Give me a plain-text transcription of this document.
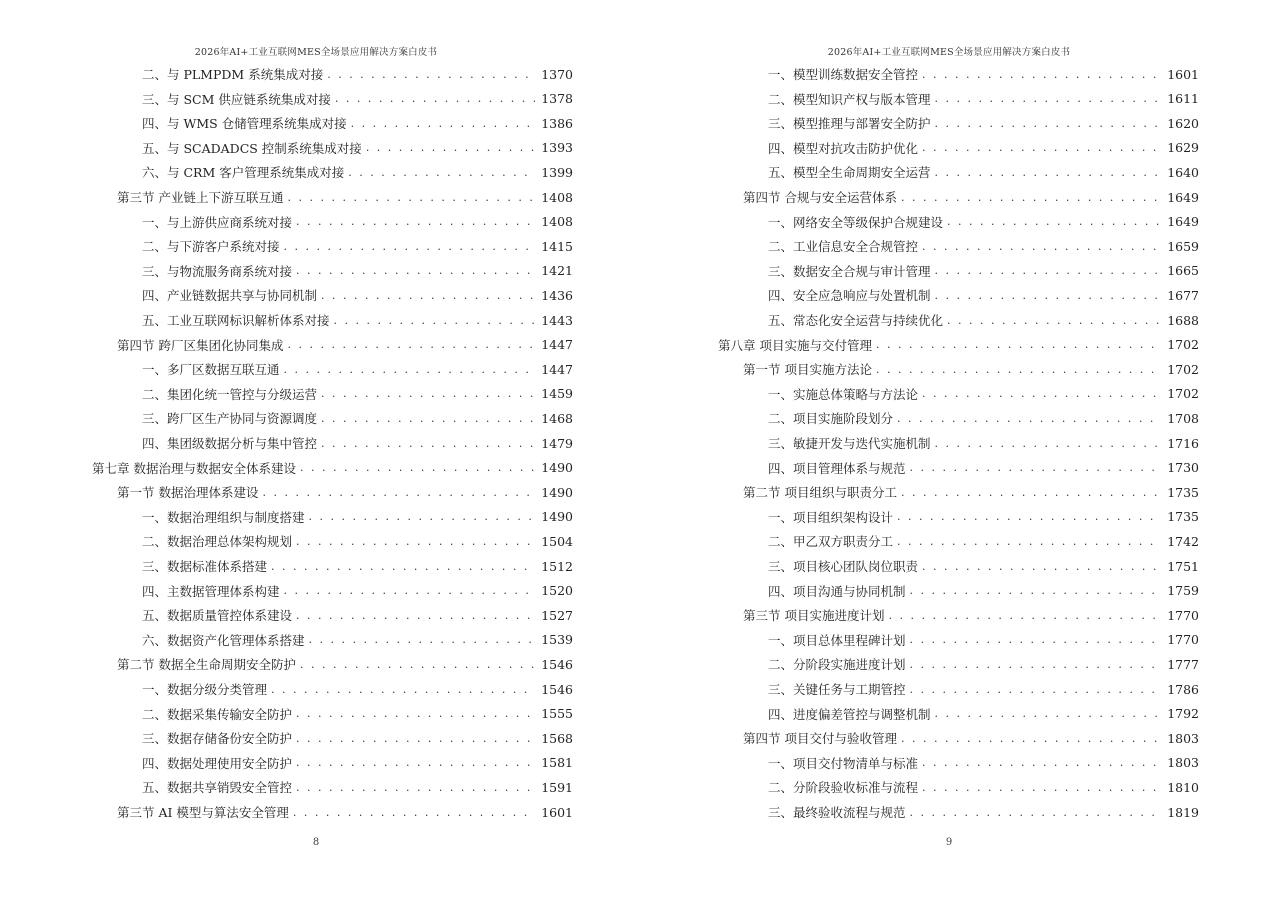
2026年AI+工业互联网MES全场景应用解决方案白皮书
二、与 PLMPDM 系统集成对接 . . .	1370
三、与 SCM 供应链系统集成对接 . . .	1378
四、与 WMS 仓储管理系统集成对接 . . .	1386
五、与 SCADADCS 控制系统集成对接 . . .	1393
六、与 CRM 客户管理系统集成对接 . . .	1399
第三节 产业链上下游互联互通 . . .	1408
一、与上游供应商系统对接 . . .	1408
二、与下游客户系统对接 . . .	1415
三、与物流服务商系统对接 . . .	1421
四、产业链数据共享与协同机制 . . .	1436
五、工业互联网标识解析体系对接 . . .	1443
第四节 跨厂区集团化协同集成 . . .	1447
一、多厂区数据互联互通 . . .	1447
二、集团化统一管控与分级运营 . . .	1459
三、跨厂区生产协同与资源调度 . . .	1468
四、集团级数据分析与集中管控 . . .	1479
第七章 数据治理与数据安全体系建设 . . .	1490
第一节 数据治理体系建设 . . .	1490
一、数据治理组织与制度搭建 . . .	1490
二、数据治理总体架构规划 . . .	1504
三、数据标准体系搭建 . . .	1512
四、主数据管理体系构建 . . .	1520
五、数据质量管控体系建设 . . .	1527
六、数据资产化管理体系搭建 . . .	1539
第二节 数据全生命周期安全防护 . . .	1546
一、数据分级分类管理 . . .	1546
二、数据采集传输安全防护 . . .	1555
三、数据存储备份安全防护 . . .	1568
四、数据处理使用安全防护 . . .	1581
五、数据共享销毁安全管控 . . .	1591
第三节 AI 模型与算法安全管理 . . .	1601
8
2026年AI+工业互联网MES全场景应用解决方案白皮书
一、模型训练数据安全管控 . . .	1601
二、模型知识产权与版本管理 . . .	1611
三、模型推理与部署安全防护 . . .	1620
四、模型对抗攻击防护优化 . . .	1629
五、模型全生命周期安全运营 . . .	1640
第四节 合规与安全运营体系 . . .	1649
一、网络安全等级保护合规建设 . . .	1649
二、工业信息安全合规管控 . . .	1659
三、数据安全合规与审计管理 . . .	1665
四、安全应急响应与处置机制 . . .	1677
五、常态化安全运营与持续优化 . . .	1688
第八章 项目实施与交付管理 . . .	1702
第一节 项目实施方法论 . . .	1702
一、实施总体策略与方法论 . . .	1702
二、项目实施阶段划分 . . .	1708
三、敏捷开发与迭代实施机制 . . .	1716
四、项目管理体系与规范 . . .	1730
第二节 项目组织与职责分工 . . .	1735
一、项目组织架构设计 . . .	1735
二、甲乙双方职责分工 . . .	1742
三、项目核心团队岗位职责 . . .	1751
四、项目沟通与协同机制 . . .	1759
第三节 项目实施进度计划 . . .	1770
一、项目总体里程碑计划 . . .	1770
二、分阶段实施进度计划 . . .	1777
三、关键任务与工期管控 . . .	1786
四、进度偏差管控与调整机制 . . .	1792
第四节 项目交付与验收管理 . . .	1803
一、项目交付物清单与标准 . . .	1803
二、分阶段验收标准与流程 . . .	1810
三、最终验收流程与规范 . . .	1819
9
